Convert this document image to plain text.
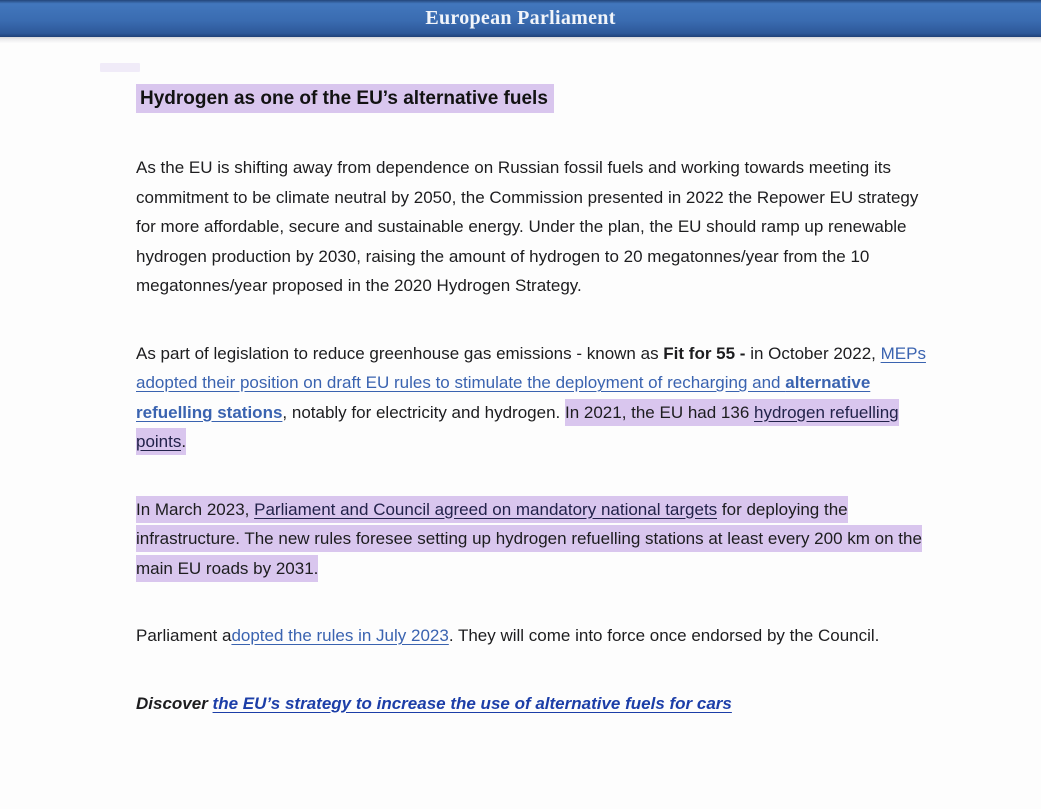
European Parliament
Hydrogen as one of the EU’s alternative fuels

As the EU is shifting away from dependence on Russian fossil fuels and working towards meeting its commitment to be climate neutral by 2050, the Commission presented in 2022 the Repower EU strategy for more affordable, secure and sustainable energy. Under the plan, the EU should ramp up renewable hydrogen production by 2030, raising the amount of hydrogen to 20 megatonnes/year from the 10 megatonnes/year proposed in the 2020 Hydrogen Strategy.

As part of legislation to reduce greenhouse gas emissions - known as Fit for 55 - in October 2022, MEPs adopted their position on draft EU rules to stimulate the deployment of recharging and alternative refuelling stations, notably for electricity and hydrogen. In 2021, the EU had 136 hydrogen refuelling points.

In March 2023, Parliament and Council agreed on mandatory national targets for deploying the infrastructure. The new rules foresee setting up hydrogen refuelling stations at least every 200 km on the main EU roads by 2031.

Parliament adopted the rules in July 2023. They will come into force once endorsed by the Council.

Discover the EU’s strategy to increase the use of alternative fuels for cars
